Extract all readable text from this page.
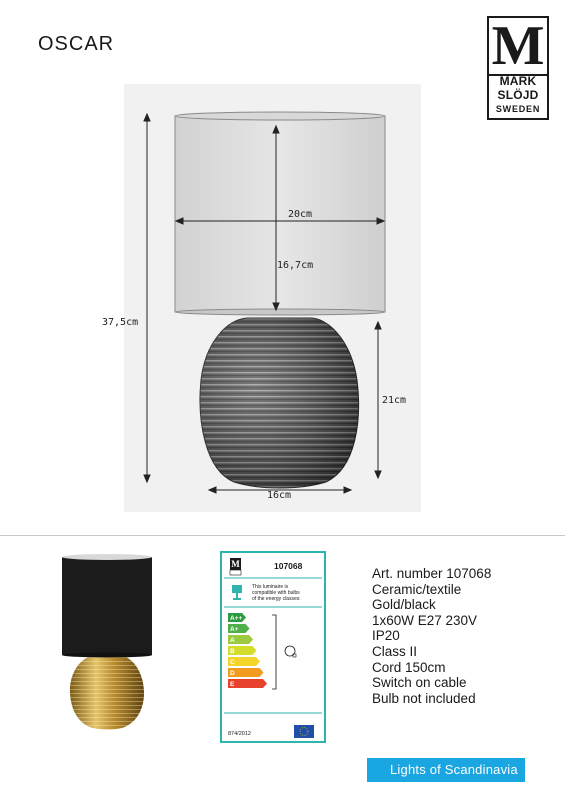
OSCAR	M
MARK
SLÖJD
SWEDEN
37,5cm
20cm
16,7cm
21cm
16cm
M	107068
This luminaire is
compatible with bulbs
of the energy classes:
A++
A+
A
B
C
D
E
874/2012
Art. number 107068
Ceramic/textile
Gold/black
1x60W E27 230V
IP20
Class II
Cord 150cm
Switch on cable
Bulb not included
Lights of Scandinavia
